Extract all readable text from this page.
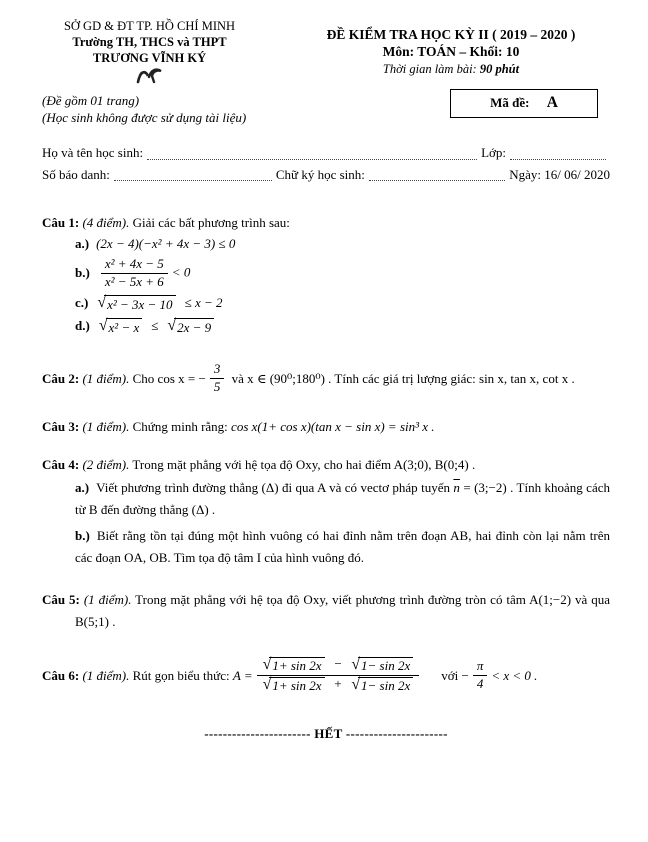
SỞ GD & ĐT TP. HỒ CHÍ MINH
Trường TH, THCS và THPT
TRƯƠNG VĨNH KÝ
(Đề gồm 01 trang)
(Học sinh không được sử dụng tài liệu)
ĐỀ KIỂM TRA HỌC KỲ II ( 2019 – 2020 )
Môn: TOÁN – Khối: 10
Thời gian làm bài: 90 phút
Mã đề: A
Họ và tên học sinh:	Lớp:
Số báo danh:	Chữ ký học sinh:	Ngày:
16/ 06/ 2020
Câu 1: (4 điểm). Giải các bất phương trình sau:
a.) (2x − 4)(−x² + 4x − 3) ≤ 0
$b.) \frac{\text{x² + 4x − 5}}{\text{x² − 5x + 6}} < 0$
c.) √ x² − 3x − 10 ≤ x − 2
d.) √ x² − x ≤ √ 2x − 9
Câu 2:
(1 điểm).
Cho cos x = − $\frac{3}{5}$
và x ∈ (90⁰;180⁰) . Tính các giá trị lượng giác: sin x, tan x, cot x .
Câu 3: (1 điểm). Chứng minh rằng: cos x(1+ cos x)(tan x − sin x) = sin³ x .
Câu 4: (2 điểm). Trong mặt phẳng với hệ tọa độ Oxy, cho hai điểm A(3;0), B(0;4) .
a.) Viết phương trình đường thẳng (Δ) đi qua A và có vectơ pháp tuyến $\overline{n}$ = (3;−2) . Tính khoảng cách từ B đến đường thẳng (Δ) .
b.) Biết rằng tồn tại đúng một hình vuông có hai đỉnh nằm trên đoạn AB, hai đỉnh còn lại nằm trên các đoạn OA, OB. Tìm tọa độ tâm I của hình vuông đó.
Câu 5: (1 điểm). Trong mặt phẳng với hệ tọa độ Oxy, viết phương trình đường tròn có tâm A(1;−2) và qua B(5;1) .
Câu 6:
(1 điểm).
Rút gọn biểu thức:
$A = \frac{√ 1+ \sin 2x - √ 1- \sin 2x}{√ 1+ \sin 2x + √ 1- \sin 2x}$ với − $\frac{\pi}{4} < x < 0$ .
----------------------- HẾT ----------------------
